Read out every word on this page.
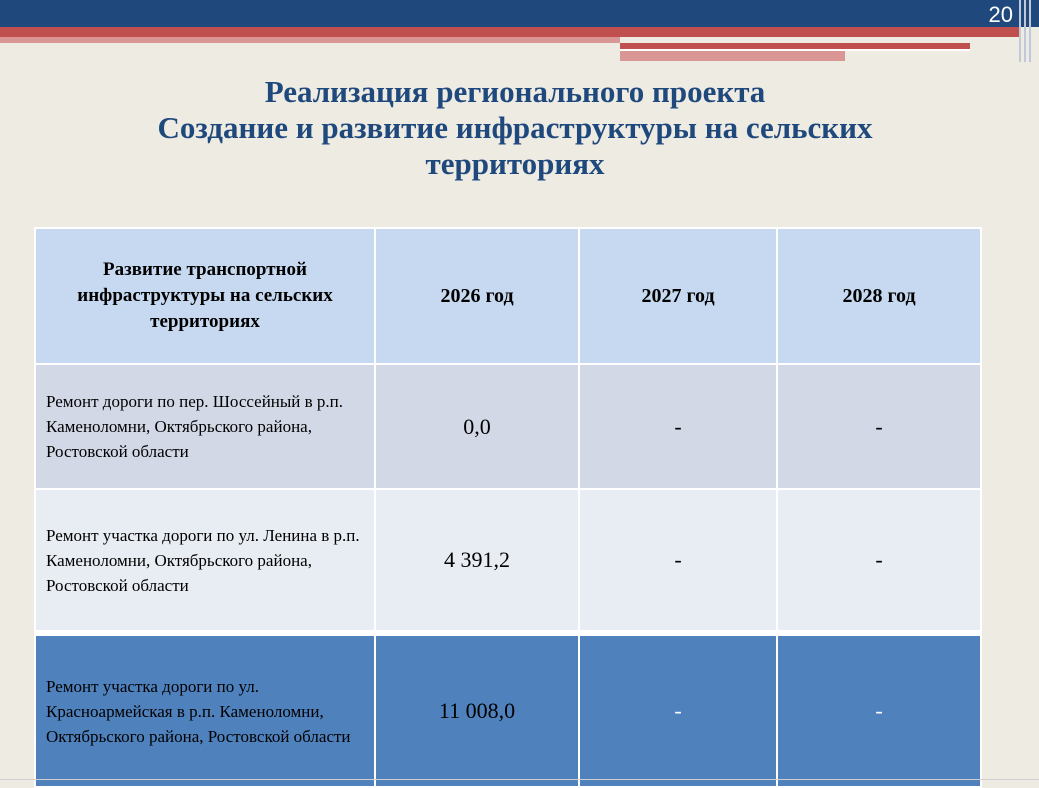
20
Реализация регионального проекта
Создание и развитие инфраструктуры на сельских
территориях
Развитие транспортной инфраструктуры на сельских территориях	2026 год	2027 год	2028 год
Ремонт дороги по пер. Шоссейный в р.п. Каменоломни, Октябрьского района, Ростовской области	0,0	-	-
Ремонт участка дороги по ул. Ленина в р.п. Каменоломни, Октябрьского района, Ростовской области	4 391,2	-	-
Ремонт участка дороги по ул. Красноармейская в р.п. Каменоломни, Октябрьского района, Ростовской области	11 008,0	-	-
